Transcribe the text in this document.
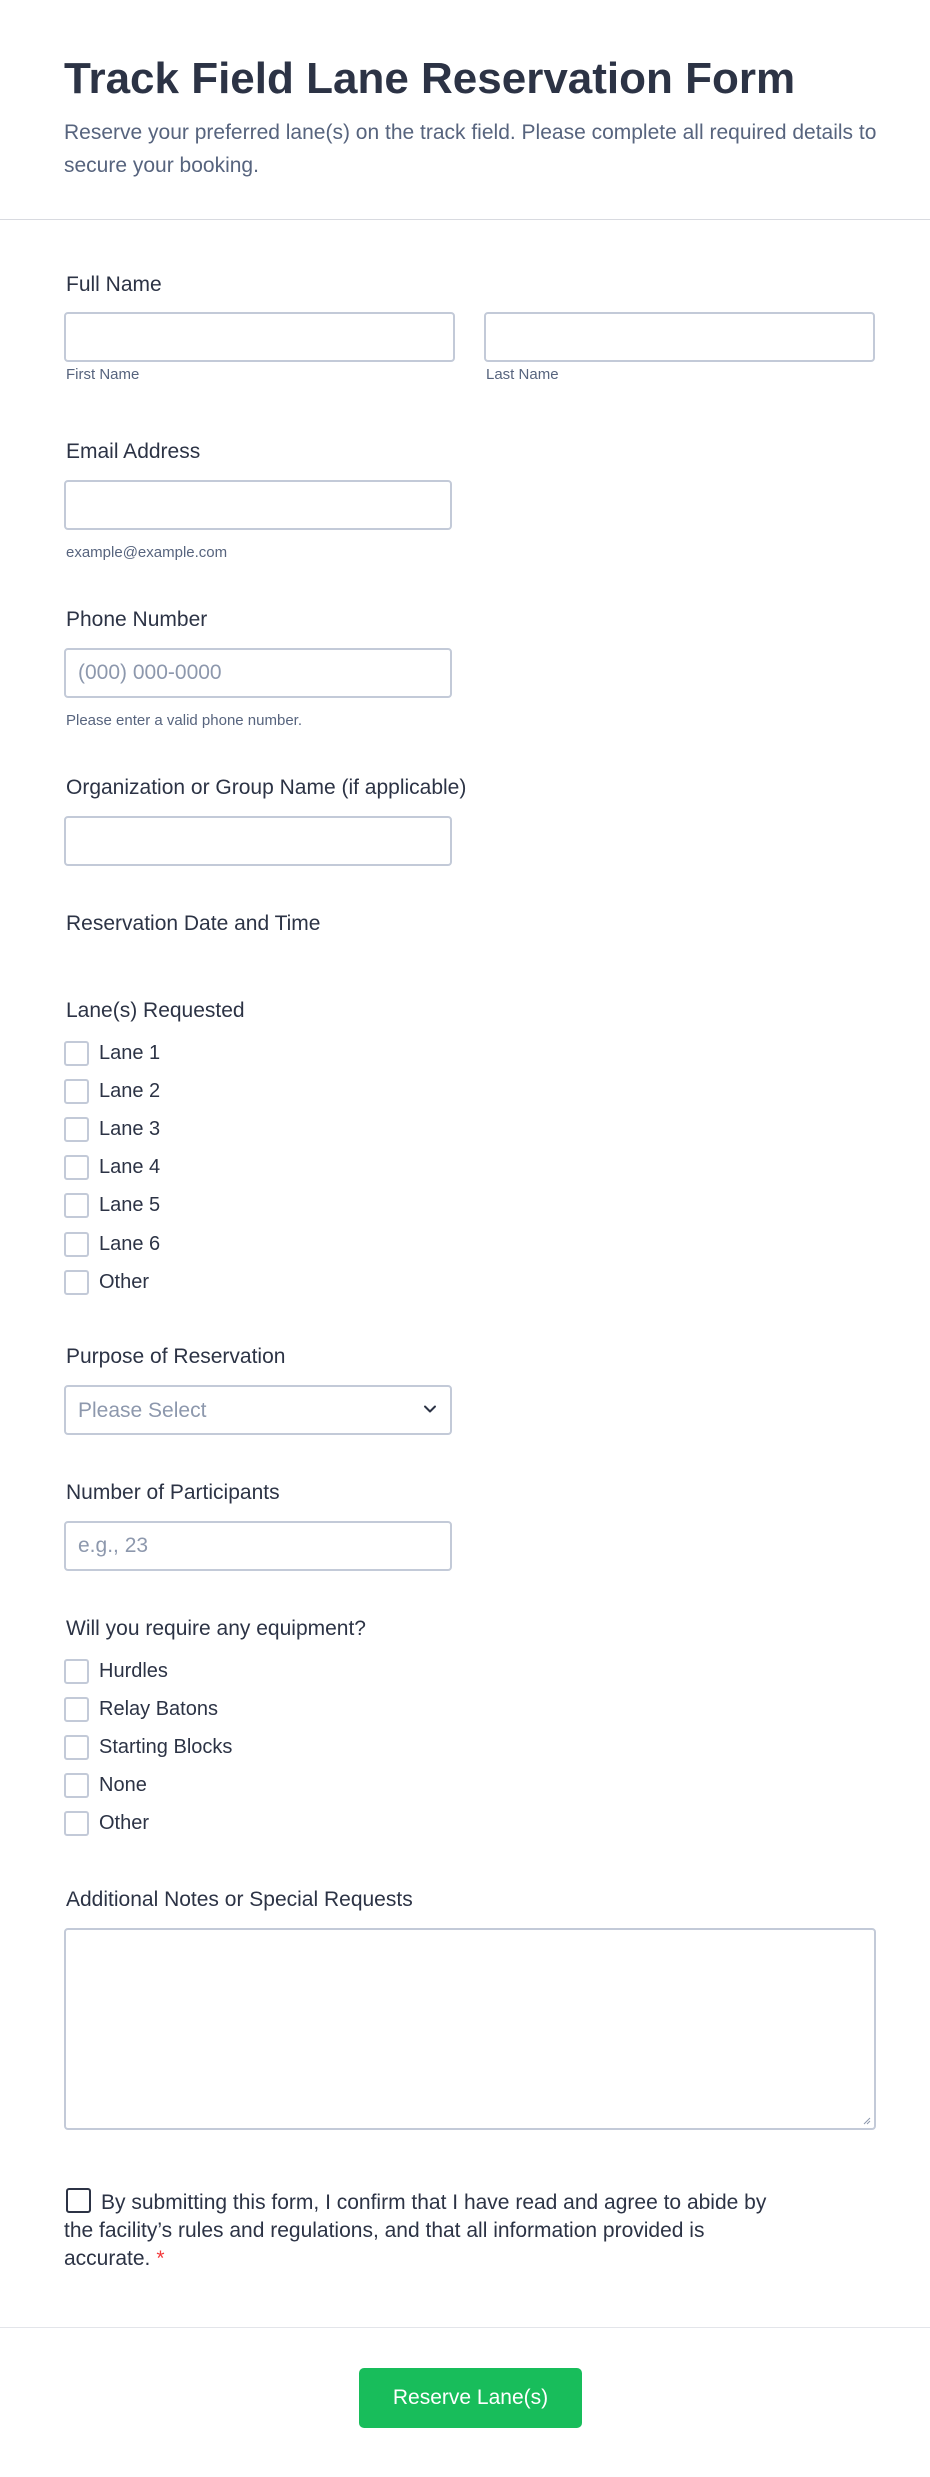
Track Field Lane Reservation Form

Reserve your preferred lane(s) on the track field. Please complete all required details to secure your booking.

Full Name
First Name	Last Name
Email Address
example@example.com
Phone Number
(000) 000-0000
Please enter a valid phone number.
Organization or Group Name (if applicable)
Reservation Date and Time
Lane(s) Requested
Lane 1
Lane 2
Lane 3
Lane 4
Lane 5
Lane 6
Other
Purpose of Reservation
Please Select
Number of Participants
e.g., 23
Will you require any equipment?
Hurdles
Relay Batons
Starting Blocks
None
Other
Additional Notes or Special Requests
By submitting this form, I confirm that I have read and agree to abide by the facility’s rules and regulations, and that all information provided is accurate. *
Reserve Lane(s)
